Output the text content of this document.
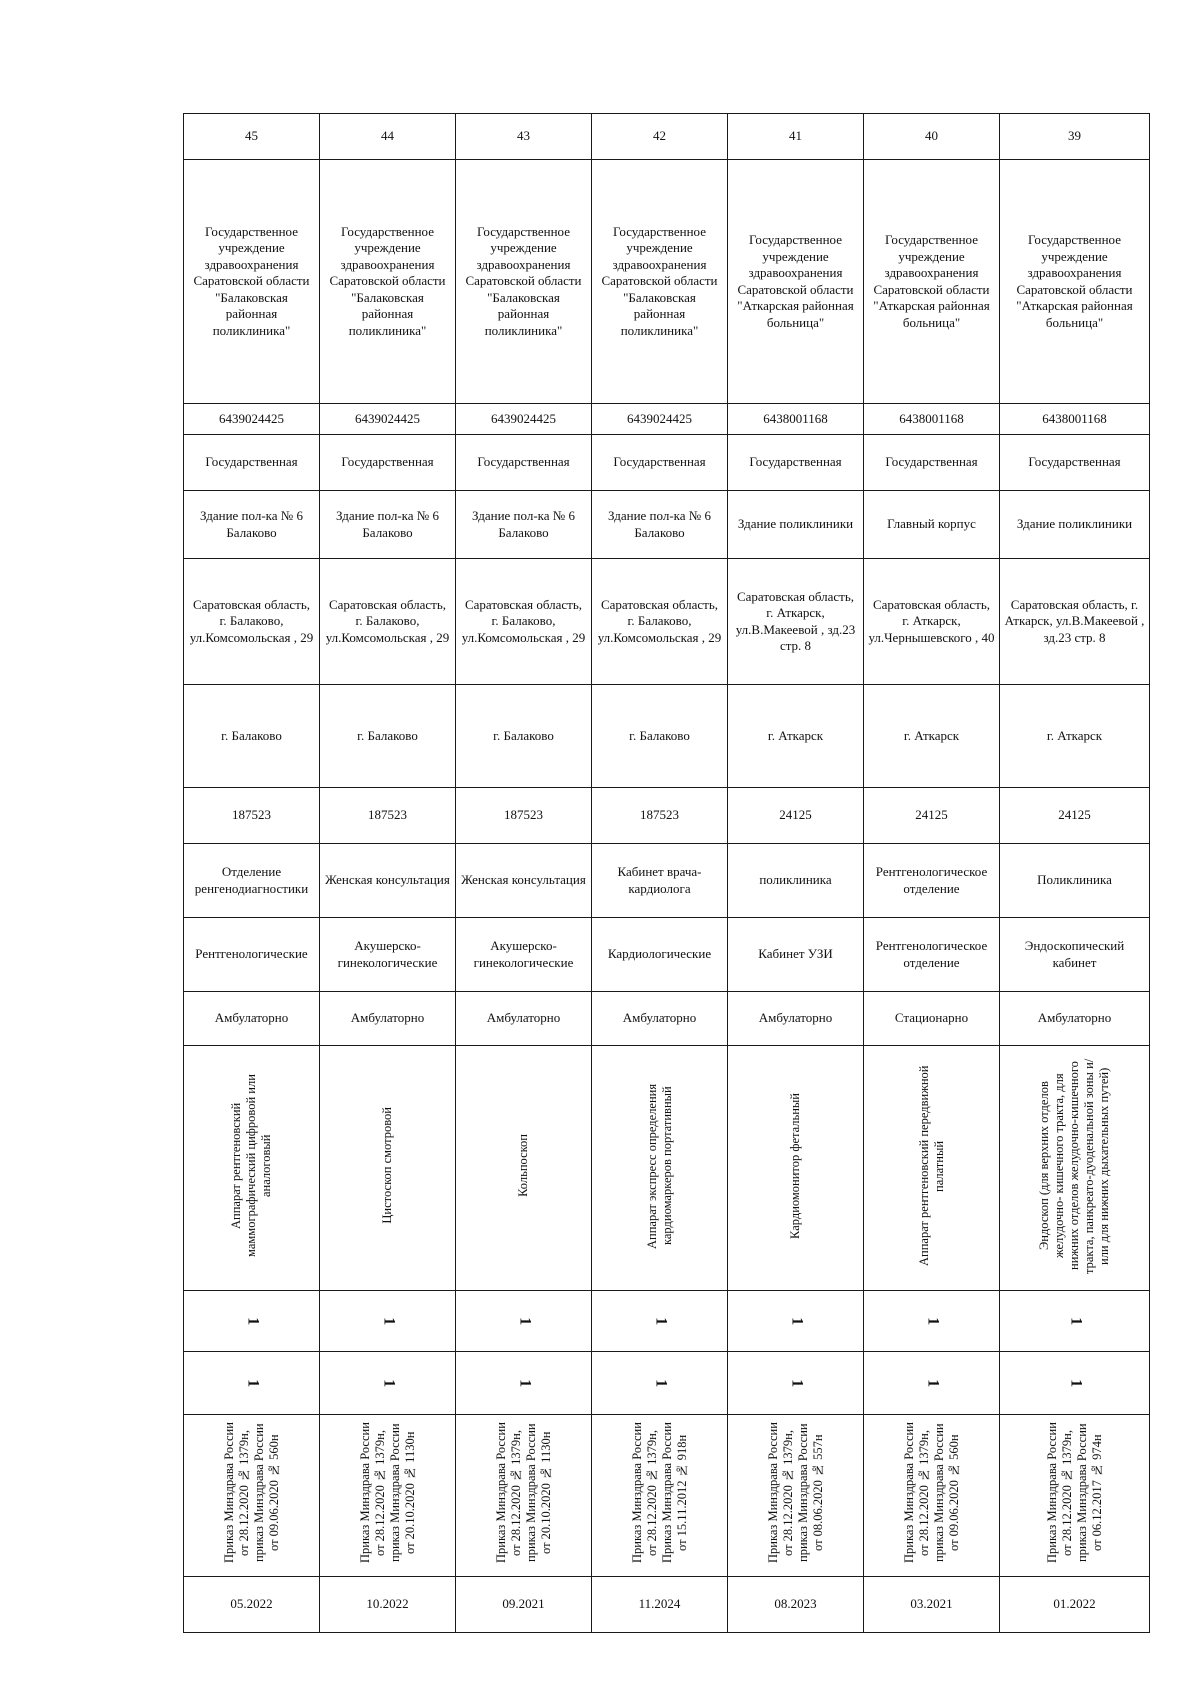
45	44	43	42	41	40	39
Государственное учреждение здравоохранения Саратовской области "Балаковская районная поликлиника"	Государственное учреждение здравоохранения Саратовской области "Балаковская районная поликлиника"	Государственное учреждение здравоохранения Саратовской области "Балаковская районная поликлиника"	Государственное учреждение здравоохранения Саратовской области "Балаковская районная поликлиника"	Государственное учреждение здравоохранения Саратовской области "Аткарская районная больница"	Государственное учреждение здравоохранения Саратовской области "Аткарская районная больница"	Государственное учреждение здравоохранения Саратовской области "Аткарская районная больница"
6439024425	6439024425	6439024425	6439024425	6438001168	6438001168	6438001168
Государственная	Государственная	Государственная	Государственная	Государственная	Государственная	Государственная
Здание пол-ка № 6 Балаково	Здание пол-ка № 6 Балаково	Здание пол-ка № 6 Балаково	Здание пол-ка № 6 Балаково	Здание поликлиники	Главный корпус	Здание поликлиники
Саратовская область, г. Балаково, ул.Комсомольская , 29	Саратовская область, г. Балаково, ул.Комсомольская , 29	Саратовская область, г. Балаково, ул.Комсомольская , 29	Саратовская область, г. Балаково, ул.Комсомольская , 29	Саратовская область, г. Аткарск, ул.В.Макеевой , зд.23 стр. 8	Саратовская область, г. Аткарск, ул.Чернышевского , 40	Саратовская область, г. Аткарск, ул.В.Макеевой , зд.23 стр. 8
г. Балаково	г. Балаково	г. Балаково	г. Балаково	г. Аткарск	г. Аткарск	г. Аткарск
187523	187523	187523	187523	24125	24125	24125
Отделение ренгенодиагностики	Женская консультация	Женская консультация	Кабинет врача-кардиолога	поликлиника	Рентгенологическое отделение	Поликлиника
Рентгенологические	Акушерско-гинекологические	Акушерско-гинекологические	Кардиологические	Кабинет УЗИ	Рентгенологическое отделение	Эндоскопический кабинет
Амбулаторно	Амбулаторно	Амбулаторно	Амбулаторно	Амбулаторно	Стационарно	Амбулаторно
Аппарат рентгеновский маммографический цифровой или аналоговый	Цистоскоп смотровой	Кольпоскоп	Аппарат экспресс определения кардиомаркеров портативный	Кардиомонитор фетальный	Аппарат рентгеновский передвижной палатный	Эндоскоп (для верхних отделов желудочно- кишечного тракта, для нижних отделов желудочно-кишечного тракта, панкреато-дуоденальной зоны и/или для нижних дыхательных путей)
1	1	1	1	1	1	1
1	1	1	1	1	1	1
Приказ Минздрава России от 28.12.2020 № 1379н, приказ Минздрава России от 09.06.2020 № 560н	Приказ Минздрава России от 28.12.2020 № 1379н, приказ Минздрава России от 20.10.2020 № 1130н	Приказ Минздрава России от 28.12.2020 № 1379н, приказ Минздрава России от 20.10.2020 № 1130н	Приказ Минздрава России от 28.12.2020 № 1379н, Приказ Минздрава России от 15.11.2012 № 918н	Приказ Минздрава России от 28.12.2020 № 1379н, приказ Минздрава России от 08.06.2020 № 557н	Приказ Минздрава России от 28.12.2020 № 1379н, приказ Минздрава России от 09.06.2020 № 560н	Приказ Минздрава России от 28.12.2020 № 1379н, приказ Минздрава России от 06.12.2017 № 974н
05.2022	10.2022	09.2021	11.2024	08.2023	03.2021	01.2022
